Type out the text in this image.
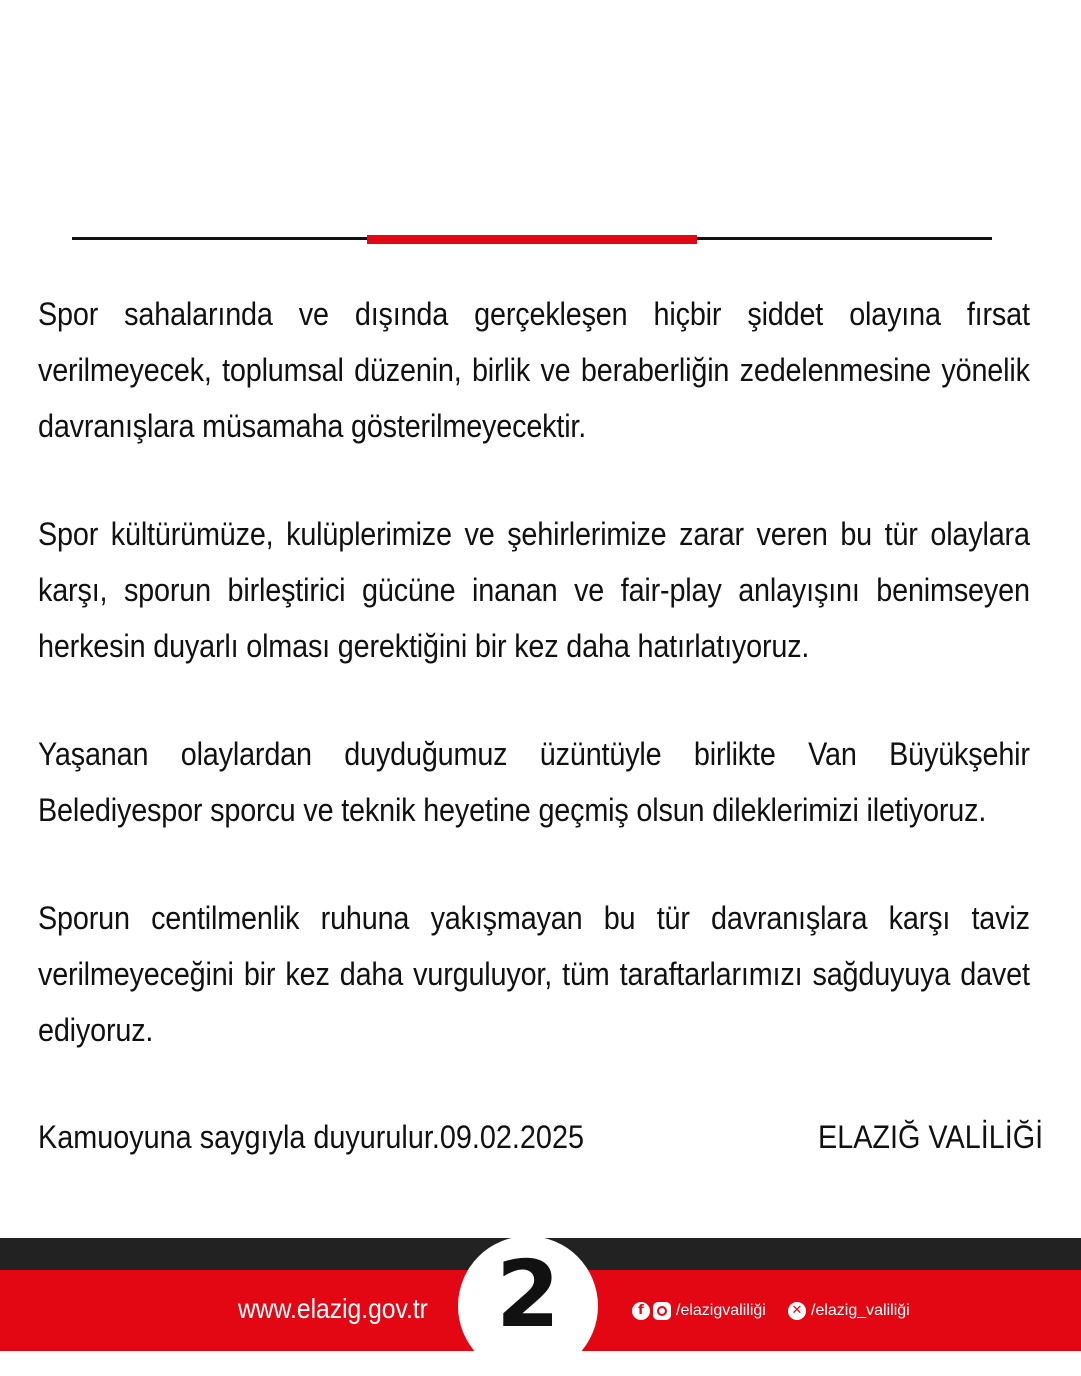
Spor sahalarında ve dışında gerçekleşen hiçbir şiddet olayına fırsat verilmeyecek, toplumsal düzenin, birlik ve beraberliğin zedelenmesine yönelik davranışlara müsamaha gösterilmeyecektir.

Spor kültürümüze, kulüplerimize ve şehirlerimize zarar veren bu tür olaylara karşı, sporun birleştirici gücüne inanan ve fair-play anlayışını benimseyen herkesin duyarlı olması gerektiğini bir kez daha hatırlatıyoruz.

Yaşanan olaylardan duyduğumuz üzüntüyle birlikte Van Büyükşehir Belediyespor sporcu ve teknik heyetine geçmiş olsun dileklerimizi iletiyoruz.

Sporun centilmenlik ruhuna yakışmayan bu tür davranışlara karşı taviz verilmeyeceğini bir kez daha vurguluyor, tüm taraftarlarımızı sağduyuya davet ediyoruz.

Kamuoyuna saygıyla duyurulur.09.02.2025	ELAZIĞ VALİLİĞİ
www.elazig.gov.tr 2	f	/elazigvaliliği ✕ /elazig_valiliği
